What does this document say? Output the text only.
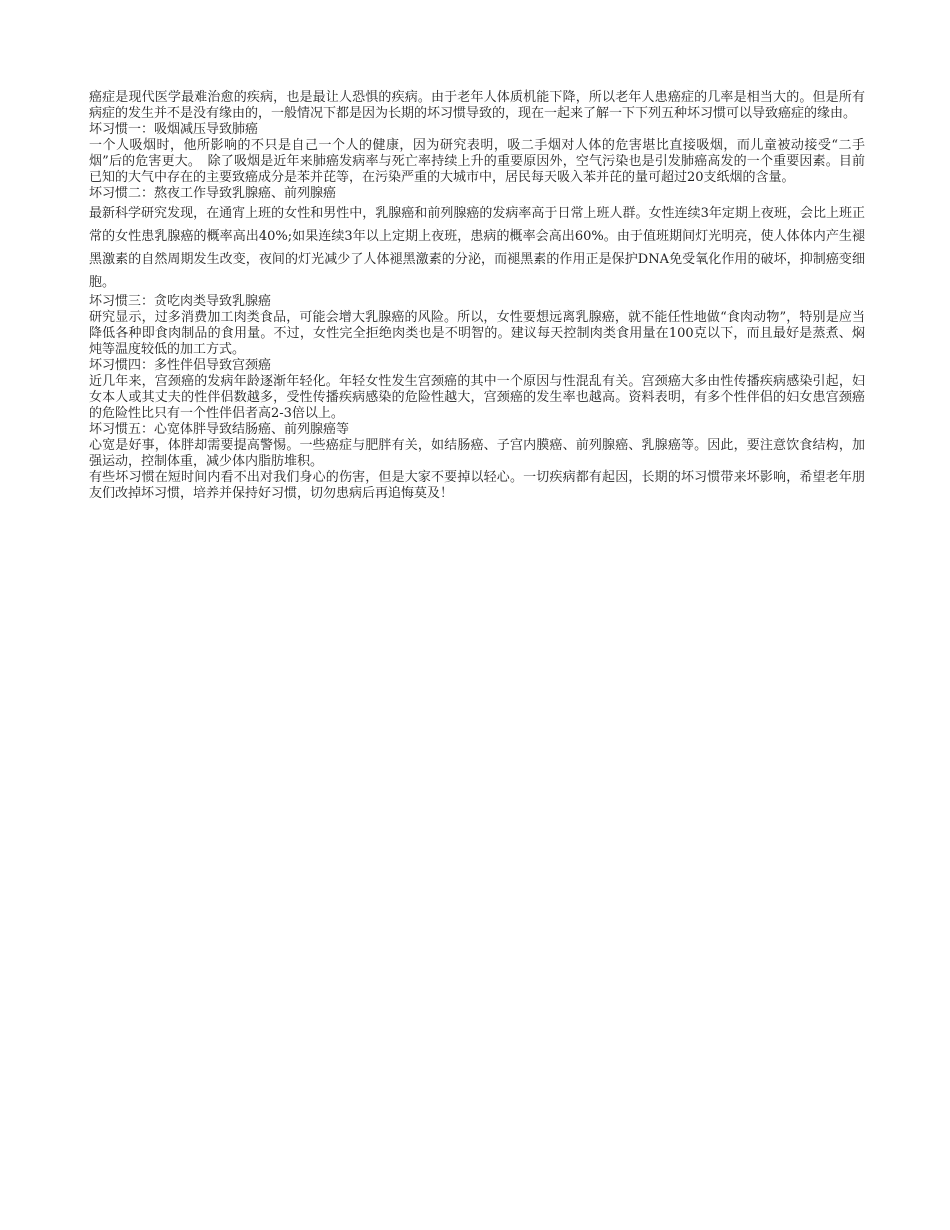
癌症是现代医学最难治愈的疾病，也是最让人恐惧的疾病。由于老年人体质机能下降，所以老年人患癌症的几率是相当大的。但是所有病症的发生并不是没有缘由的，一般情况下都是因为长期的坏习惯导致的，现在一起来了解一下下列五种坏习惯可以导致癌症的缘由。

坏习惯一：吸烟减压导致肺癌

一个人吸烟时，他所影响的不只是自己一个人的健康，因为研究表明，吸二手烟对人体的危害堪比直接吸烟，而儿童被动接受“二手烟”后的危害更大。　除了吸烟是近年来肺癌发病率与死亡率持续上升的重要原因外，空气污染也是引发肺癌高发的一个重要因素。目前已知的大气中存在的主要致癌成分是苯并芘等，在污染严重的大城市中，居民每天吸入苯并芘的量可超过20支纸烟的含量。

坏习惯二：熬夜工作导致乳腺癌、前列腺癌

最新科学研究发现，在通宵上班的女性和男性中，乳腺癌和前列腺癌的发病率高于日常上班人群。女性连续3年定期上夜班，会比上班正常的女性患乳腺癌的概率高出40%;如果连续3年以上定期上夜班，患病的概率会高出60%。由于值班期间灯光明亮，使人体体内产生褪黑激素的自然周期发生改变，夜间的灯光减少了人体褪黑激素的分泌，而褪黑素的作用正是保护DNA免受氧化作用的破坏，抑制癌变细胞。

坏习惯三：贪吃肉类导致乳腺癌

研究显示，过多消费加工肉类食品，可能会增大乳腺癌的风险。所以，女性要想远离乳腺癌，就不能任性地做“食肉动物”，特别是应当降低各种即食肉制品的食用量。不过，女性完全拒绝肉类也是不明智的。建议每天控制肉类食用量在100克以下，而且最好是蒸煮、焖炖等温度较低的加工方式。

坏习惯四：多性伴侣导致宫颈癌

近几年来，宫颈癌的发病年龄逐渐年轻化。年轻女性发生宫颈癌的其中一个原因与性混乱有关。宫颈癌大多由性传播疾病感染引起，妇女本人或其丈夫的性伴侣数越多，受性传播疾病感染的危险性越大，宫颈癌的发生率也越高。资料表明，有多个性伴侣的妇女患宫颈癌的危险性比只有一个性伴侣者高2-3倍以上。

坏习惯五：心宽体胖导致结肠癌、前列腺癌等

心宽是好事，体胖却需要提高警惕。一些癌症与肥胖有关，如结肠癌、子宫内膜癌、前列腺癌、乳腺癌等。因此，要注意饮食结构，加强运动，控制体重，减少体内脂肪堆积。

有些坏习惯在短时间内看不出对我们身心的伤害，但是大家不要掉以轻心。一切疾病都有起因，长期的坏习惯带来坏影响，希望老年朋友们改掉坏习惯，培养并保持好习惯，切勿患病后再追悔莫及！
